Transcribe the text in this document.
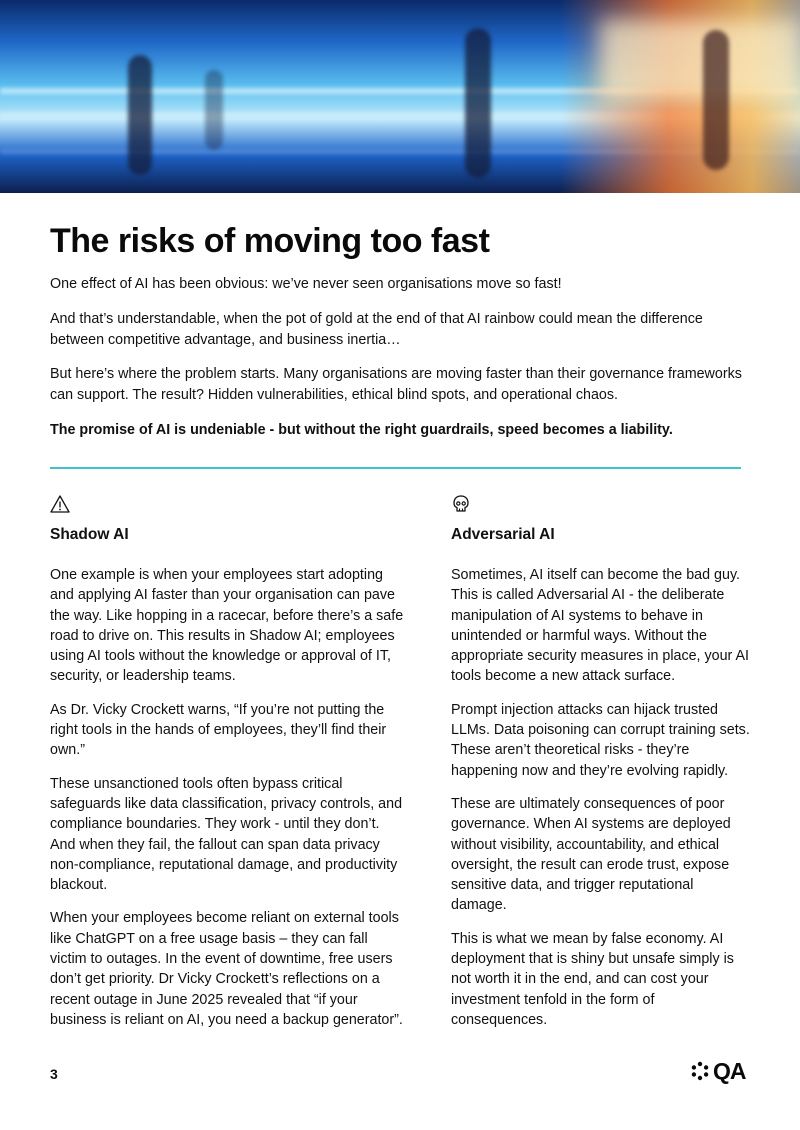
The risks of moving too fast

One effect of AI has been obvious: we’ve never seen organisations move so fast!

And that’s understandable, when the pot of gold at the end of that AI rainbow could mean the difference between competitive advantage, and business inertia…

But here’s where the problem starts. Many organisations are moving faster than their governance frameworks can support. The result? Hidden vulnerabilities, ethical blind spots, and operational chaos.

The promise of AI is undeniable - but without the right guardrails, speed becomes a liability.

Shadow AI

One example is when your employees start adopting and applying AI faster than your organisation can pave the way. Like hopping in a racecar, before there’s a safe road to drive on. This results in Shadow AI; employees using AI tools without the knowledge or approval of IT, security, or leadership teams.

As Dr. Vicky Crockett warns, “If you’re not putting the right tools in the hands of employees, they’ll find their own.”

These unsanctioned tools often bypass critical safeguards like data classification, privacy controls, and compliance boundaries. They work - until they don’t. And when they fail, the fallout can span data privacy non-compliance, reputational damage, and productivity blackout.

When your employees become reliant on external tools like ChatGPT on a free usage basis – they can fall victim to outages. In the event of downtime, free users don’t get priority. Dr Vicky Crockett’s reflections on a recent outage in June 2025 revealed that “if your business is reliant on AI, you need a backup generator”.

Adversarial AI

Sometimes, AI itself can become the bad guy. This is called Adversarial AI - the deliberate manipulation of AI systems to behave in unintended or harmful ways. Without the appropriate security measures in place, your AI tools become a new attack surface.

Prompt injection attacks can hijack trusted LLMs. Data poisoning can corrupt training sets. These aren’t theoretical risks - they’re happening now and they’re evolving rapidly.

These are ultimately consequences of poor governance. When AI systems are deployed without visibility, accountability, and ethical oversight, the result can erode trust, expose sensitive data, and trigger reputational damage.

This is what we mean by false economy. AI deployment that is shiny but unsafe simply is not worth it in the end, and can cost your investment tenfold in the form of consequences.

3	QA
